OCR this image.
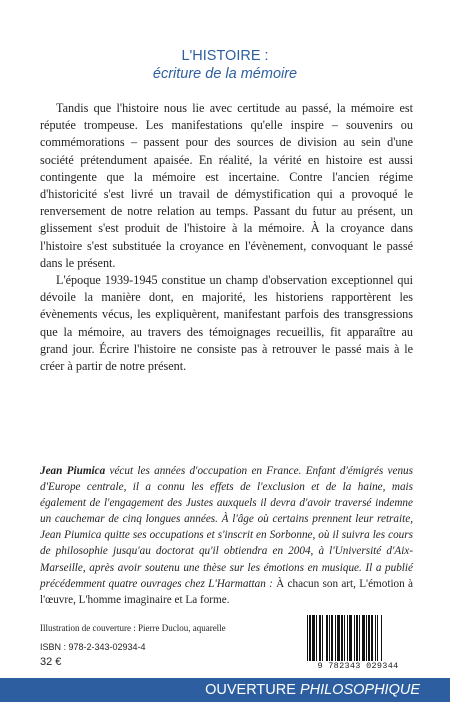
L'HISTOIRE :
écriture de la mémoire

Tandis que l'histoire nous lie avec certitude au passé, la mémoire est réputée trompeuse. Les manifestations qu'elle inspire – souvenirs ou commémorations – passent pour des sources de division au sein d'une société prétendument apaisée. En réalité, la vérité en histoire est aussi contingente que la mémoire est incertaine. Contre l'ancien régime d'historicité s'est livré un travail de démystification qui a provoqué le renversement de notre relation au temps. Passant du futur au présent, un glissement s'est produit de l'histoire à la mémoire. À la croyance dans l'histoire s'est substituée la croyance en l'évènement, convoquant le passé dans le présent.

L'époque 1939-1945 constitue un champ d'observation exceptionnel qui dévoile la manière dont, en majorité, les historiens rapportèrent les évènements vécus, les expliquèrent, manifestant parfois des transgressions que la mémoire, au travers des témoignages recueillis, fit apparaître au grand jour. Écrire l'histoire ne consiste pas à retrouver le passé mais à le créer à partir de notre présent.

Jean Piumica vécut les années d'occupation en France. Enfant d'émigrés venus d'Europe centrale, il a connu les effets de l'exclusion et de la haine, mais également de l'engagement des Justes auxquels il devra d'avoir traversé indemne un cauchemar de cinq longues années. À l'âge où certains prennent leur retraite, Jean Piumica quitte ses occupations et s'inscrit en Sorbonne, où il suivra les cours de philosophie jusqu'au doctorat qu'il obtiendra en 2004, à l'Université d'Aix-Marseille, après avoir soutenu une thèse sur les émotions en musique. Il a publié précédemment quatre ouvrages chez L'Harmattan : À chacun son art, L'émotion à l'œuvre, L'homme imaginaire et La forme.
Illustration de couverture : Pierre Duclou, aquarelle
ISBN : 978-2-343-02934-4
32 €	9 782343 029344
OUVERTURE PHILOSOPHIQUE
